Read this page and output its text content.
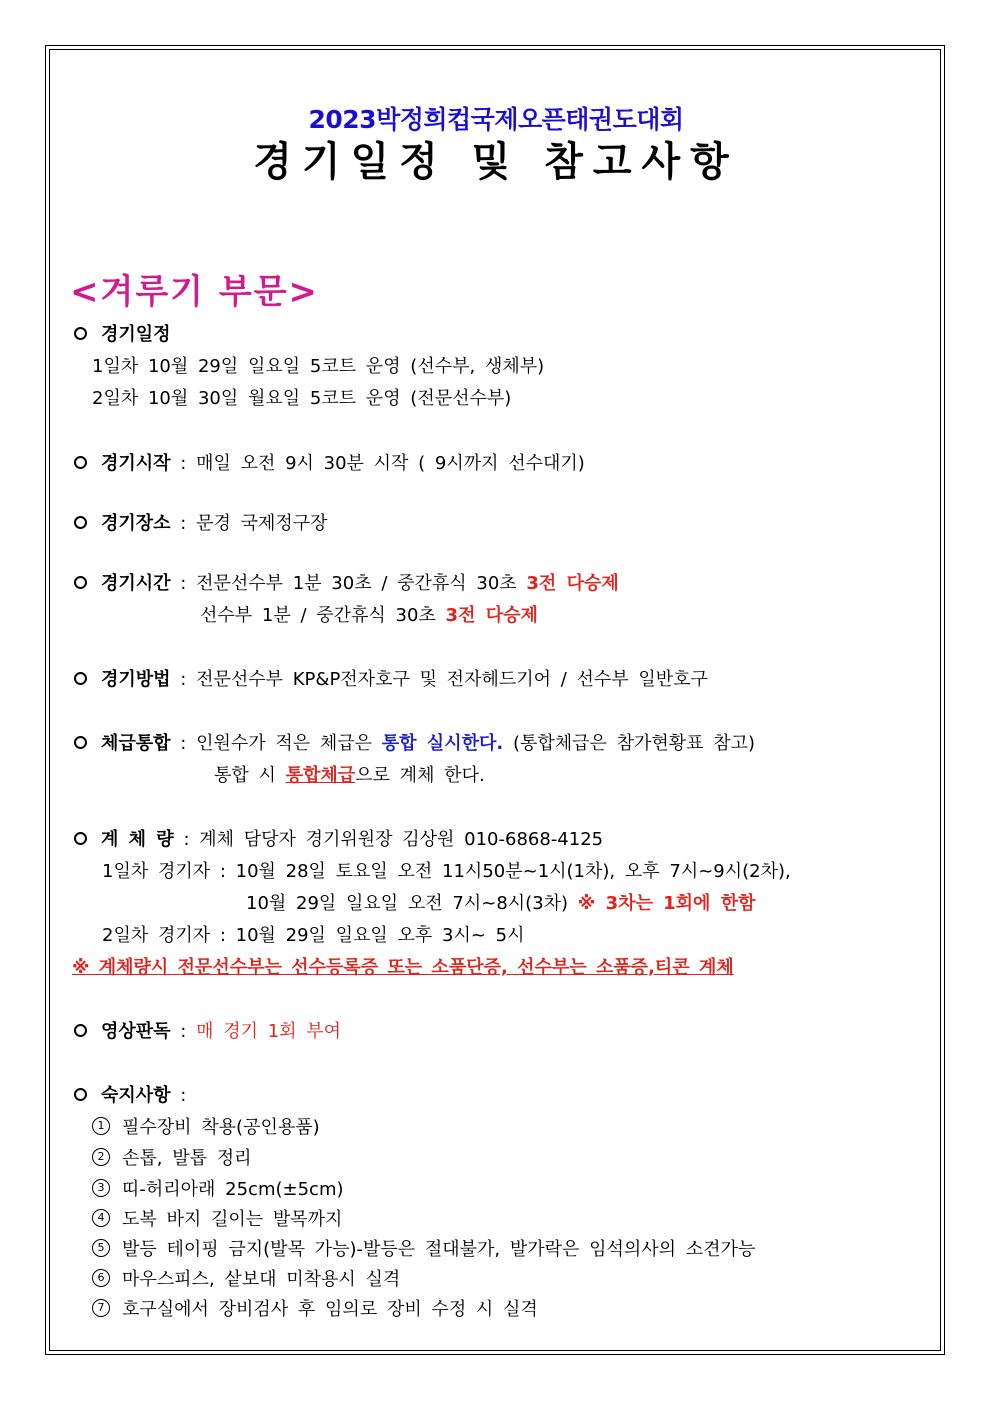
2023박정희컵국제오픈태권도대회
경기일정 및 참고사항
<겨루기 부문>
경기일정
1일차 10월 29일 일요일 5코트 운영 (선수부, 생체부)
2일차 10월 30일 월요일 5코트 운영 (전문선수부)
경기시작 : 매일 오전 9시 30분 시작 ( 9시까지 선수대기)
경기장소 : 문경 국제정구장
경기시간 : 전문선수부 1분 30초 / 중간휴식 30초 3전 다승제
선수부 1분 / 중간휴식 30초 3전 다승제
경기방법 : 전문선수부 KP&P전자호구 및 전자헤드기어 / 선수부 일반호구
체급통합 : 인원수가 적은 체급은 통합 실시한다. (통합체급은 참가현황표 참고)
통합 시 통합체급으로 계체 한다.
계 체 량 : 계체 담당자 경기위원장 김상원 010-6868-4125
1일차 경기자 : 10월 28일 토요일 오전 11시50분~1시(1차), 오후 7시~9시(2차),
10월 29일 일요일 오전 7시~8시(3차) ※ 3차는 1회에 한함
2일차 경기자 : 10월 29일 일요일 오후 3시~ 5시
※ 계체량시 전문선수부는 선수등록증 또는 소품단증, 선수부는 소품증,티콘 계체
영상판독 : 매 경기 1회 부여
숙지사항 :
1 필수장비 착용(공인용품)
2 손톱, 발톱 정리
3 띠-허리아래 25cm(±5cm)
4 도복 바지 길이는 발목까지
5 발등 테이핑 금지(발목 가능)-발등은 절대불가, 발가락은 임석의사의 소견가능
6 마우스피스, 샅보대 미착용시 실격
7 호구실에서 장비검사 후 임의로 장비 수정 시 실격
